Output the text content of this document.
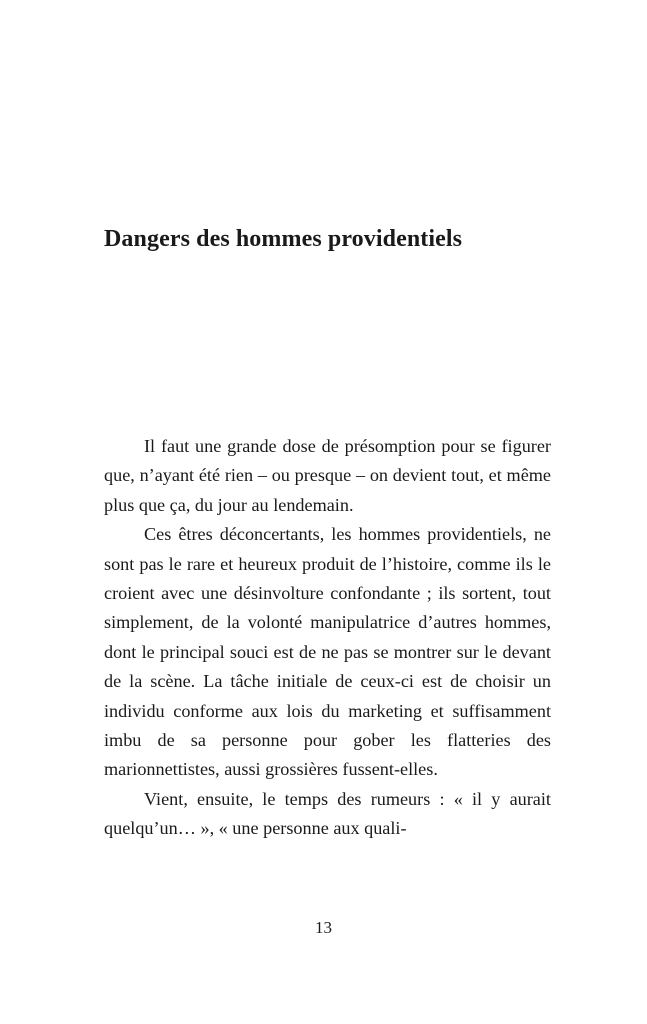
Dangers des hommes providentiels

Il faut une grande dose de présomption pour se figurer que, n’ayant été rien – ou presque – on devient tout, et même plus que ça, du jour au lendemain.

Ces êtres déconcertants, les hommes providentiels, ne sont pas le rare et heureux produit de l’histoire, comme ils le croient avec une désinvolture confondante ; ils sortent, tout simplement, de la volonté manipulatrice d’autres hommes, dont le principal souci est de ne pas se montrer sur le devant de la scène. La tâche initiale de ceux-ci est de choisir un individu conforme aux lois du marketing et suffisamment imbu de sa personne pour gober les flatteries des marionnettistes, aussi grossières fussent-elles.

Vient, ensuite, le temps des rumeurs : « il y aurait quelqu’un… », « une personne aux quali-

13
